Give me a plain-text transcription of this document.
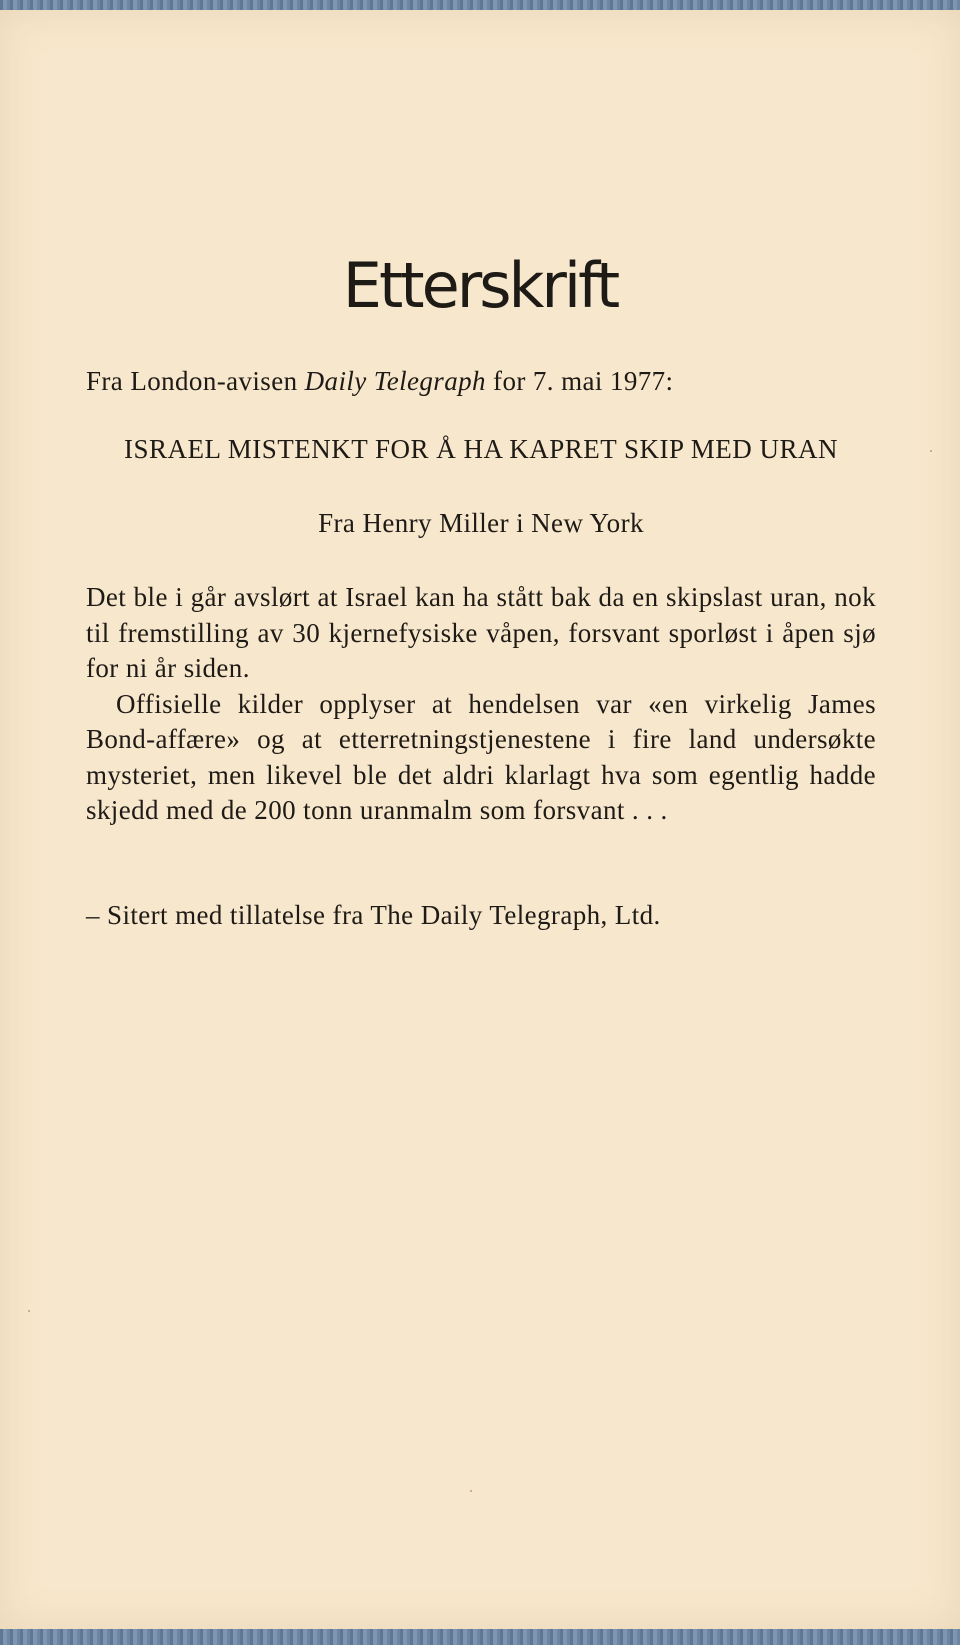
Etterskrift
Fra London-avisen Daily Telegraph for 7. mai 1977:
ISRAEL MISTENKT FOR Å HA KAPRET SKIP MED URAN
Fra Henry Miller i New York

Det ble i går avslørt at Israel kan ha stått bak da en skipslast uran, nok til fremstilling av 30 kjernefysiske våpen, forsvant sporløst i åpen sjø for ni år siden.

Offisielle kilder opplyser at hendelsen var «en virkelig James Bond-affære» og at etterretningstjenestene i fire land undersøkte mysteriet, men likevel ble det aldri klarlagt hva som egentlig hadde skjedd med de 200 tonn uranmalm som forsvant . . .

– Sitert med tillatelse fra The Daily Telegraph, Ltd.
